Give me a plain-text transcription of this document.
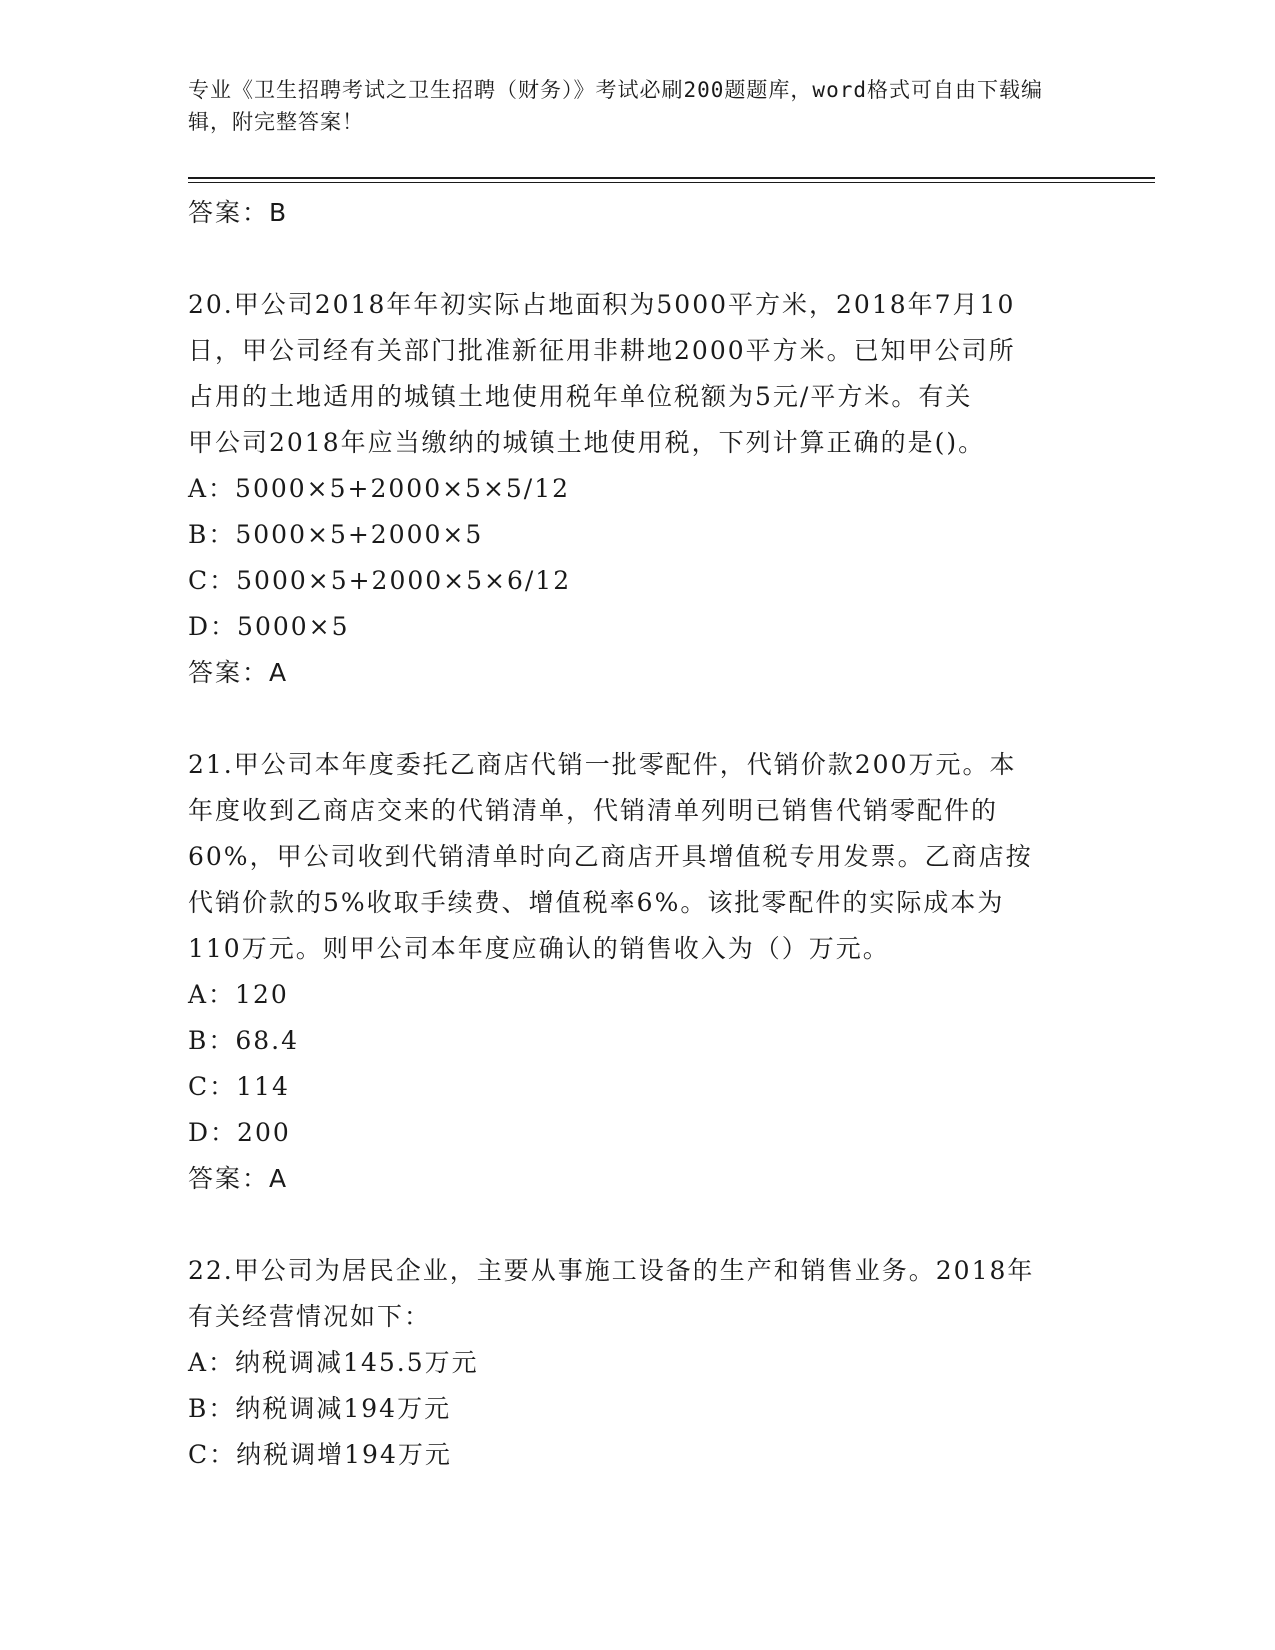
专业《卫生招聘考试之卫生招聘（财务）》考试必刷200题题库，word格式可自由下载编辑，附完整答案！
答案：B
20.甲公司2018年年初实际占地面积为5000平方米，2018年7月10
日，甲公司经有关部门批准新征用非耕地2000平方米。已知甲公司所
占用的土地适用的城镇土地使用税年单位税额为5元/平方米。有关
甲公司2018年应当缴纳的城镇土地使用税，下列计算正确的是()。
A：5000×5+2000×5×5/12
B：5000×5+2000×5
C：5000×5+2000×5×6/12
D：5000×5
答案：A
21.甲公司本年度委托乙商店代销一批零配件，代销价款200万元。本
年度收到乙商店交来的代销清单，代销清单列明已销售代销零配件的
60%，甲公司收到代销清单时向乙商店开具增值税专用发票。乙商店按
代销价款的5%收取手续费、增值税率6%。该批零配件的实际成本为
110万元。则甲公司本年度应确认的销售收入为（）万元。
A：120
B：68.4
C：114
D：200
答案：A
22.甲公司为居民企业，主要从事施工设备的生产和销售业务。2018年
有关经营情况如下：
A：纳税调减145.5万元
B：纳税调减194万元
C：纳税调增194万元
